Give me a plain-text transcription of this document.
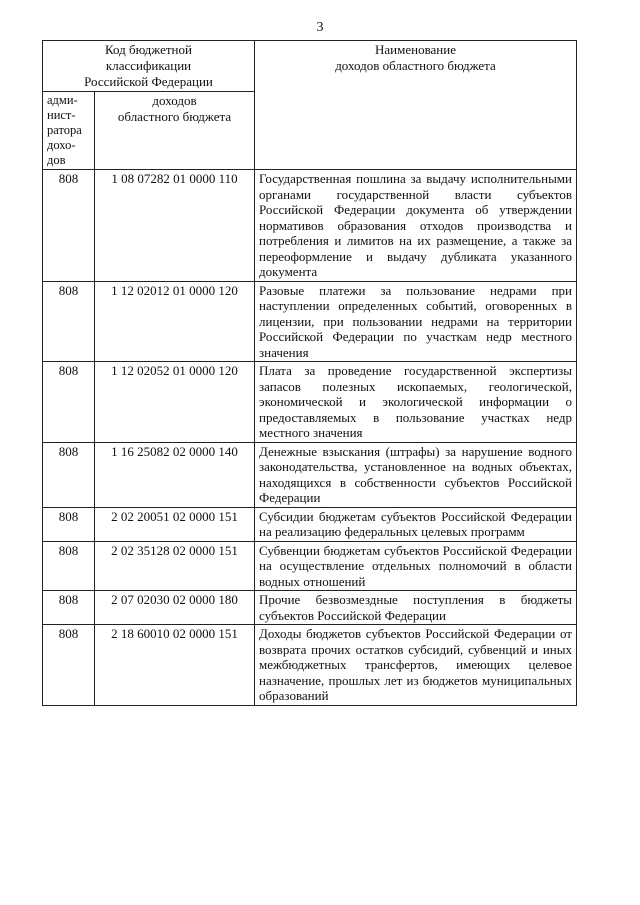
3
Код бюджетной
классификации
Российской Федерации		Наименование
доходов областного бюджета
адми-
нист-
ратора
дохо-
дов	доходов
областного бюджета	
808	1 08 07282 01 0000 110	Государственная пошлина за выдачу исполнительными органами государственной власти субъектов Российской Федерации документа об утверждении нормативов образования отходов производства и потребления и лимитов на их размещение, а также за переоформление и выдачу дубликата указанного документа
808	1 12 02012 01 0000 120	Разовые платежи за пользование недрами при наступлении определенных событий, оговоренных в лицензии, при пользовании недрами на территории Российской Федерации по участкам недр местного значения
808	1 12 02052 01 0000 120	Плата за проведение государственной экспертизы запасов полезных ископаемых, геологической, экономической и экологической информации о предоставляемых в пользование участках недр местного значения
808	1 16 25082 02 0000 140	Денежные взыскания (штрафы) за нарушение водного законодательства, установленное на водных объектах, находящихся в собственности субъектов Российской Федерации
808	2 02 20051 02 0000 151	Субсидии бюджетам субъектов Российской Федерации на реализацию федеральных целевых программ
808	2 02 35128 02 0000 151	Субвенции бюджетам субъектов Российской Федерации на осуществление отдельных полномочий в области водных отношений
808	2 07 02030 02 0000 180	Прочие безвозмездные поступления в бюджеты субъектов Российской Федерации
808	2 18 60010 02 0000 151	Доходы бюджетов субъектов Российской Федерации от возврата прочих остатков субсидий, субвенций и иных межбюджетных трансфертов, имеющих целевое назначение, прошлых лет из бюджетов муниципальных образований
